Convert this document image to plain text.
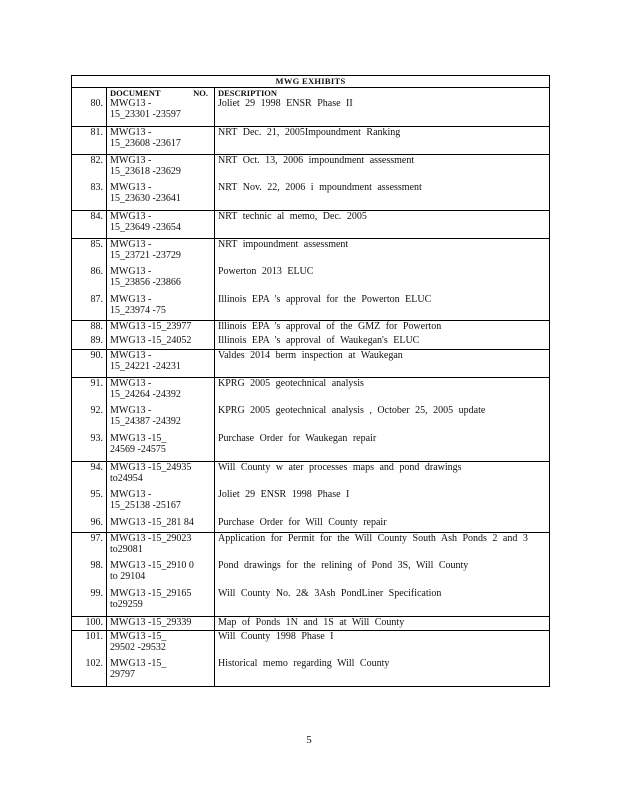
MWG EXHIBITS		
	DOCUMENT NO.	DESCRIPTION
80.	MWG13 -
15_23301 -23597	Joliet 29 1998 ENSR Phase II
81.	MWG13 -
15_23608 -23617	NRT Dec. 21, 2005Impoundment Ranking
82.	MWG13 -
15_23618 -23629	NRT Oct. 13, 2006 impoundment assessment
83.	MWG13 -
15_23630 -23641	NRT Nov. 22, 2006 i mpoundment assessment
84.	MWG13 -
15_23649 -23654	NRT technic al memo, Dec. 2005
85.	MWG13 -
15_23721 -23729	NRT impoundment assessment
86.	MWG13 -
15_23856 -23866	Powerton 2013 ELUC
87.	MWG13 -
15_23974 -75	Illinois EPA 's approval for the Powerton ELUC
88.	MWG13 -15_23977	Illinois EPA 's approval of the GMZ for Powerton
89.	MWG13 -15_24052	Illinois EPA 's approval of Waukegan's ELUC
90.	MWG13 -
15_24221 -24231	Valdes 2014 berm inspection at Waukegan
91.	MWG13 -
15_24264 -24392	KPRG 2005 geotechnical analysis
92.	MWG13 -
15_24387 -24392	KPRG 2005 geotechnical analysis , October 25, 2005 update
93.	MWG13 -15_
24569 -24575	Purchase Order for Waukegan repair
94.	MWG13 -15_24935
to24954	Will County w ater processes maps and pond drawings
95.	MWG13 -
15_25138 -25167	Joliet 29 ENSR 1998 Phase I
96.	MWG13 -15_281 84	Purchase Order for Will County repair
97.	MWG13 -15_29023
to29081	Application for Permit for the Will County South Ash Ponds 2 and 3
98.	MWG13 -15_2910 0
to 29104	Pond drawings for the relining of Pond 3S, Will County
99.	MWG13 -15_29165
to29259	Will County No. 2& 3Ash PondLiner Specification
100.	MWG13 -15_29339	Map of Ponds 1N and 1S at Will County
101.	MWG13 -15_
29502 -29532	Will County 1998 Phase I
102.	MWG13 -15_
29797	Historical memo regarding Will County
5
